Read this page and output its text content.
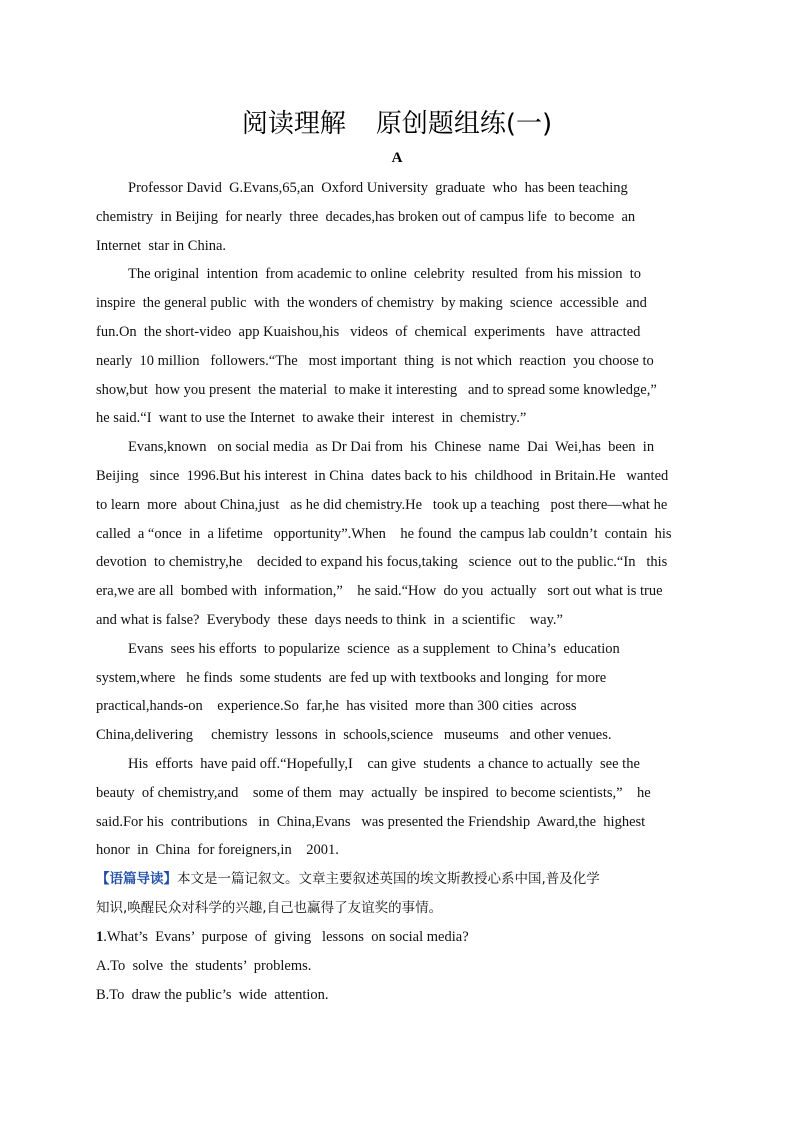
阅读理解 原创题组练(一)
A
Professor David  G.Evans,65,an  Oxford University  graduate  who  has been teaching
chemistry  in Beijing  for nearly  three  decades,has broken out of campus life  to become  an
Internet  star in China.
The original  intention  from academic to online  celebrity  resulted  from his mission  to
inspire  the general public  with  the wonders of chemistry  by making  science  accessible  and
fun.On  the short-video  app Kuaishou,his   videos  of  chemical  experiments   have  attracted
nearly  10 million   followers.“The   most important  thing  is not which  reaction  you choose to
show,but  how you present  the material  to make it interesting   and to spread some knowledge,”
he said.“I  want to use the Internet  to awake their  interest  in  chemistry.”
Evans,known   on social media  as Dr Dai from  his  Chinese  name  Dai  Wei,has  been  in
Beijing   since  1996.But his interest  in China  dates back to his  childhood  in Britain.He   wanted
to learn  more  about China,just   as he did chemistry.He   took up a teaching   post there—what he
called  a “once  in  a lifetime   opportunity”.When    he found  the campus lab couldn’t  contain  his
devotion  to chemistry,he    decided to expand his focus,taking   science  out to the public.“In   this
era,we are all  bombed with  information,”    he said.“How  do you  actually   sort out what is true
and what is false?  Everybody  these  days needs to think  in  a scientific    way.”
Evans  sees his efforts  to popularize  science  as a supplement  to China’s  education
system,where   he finds  some students  are fed up with textbooks and longing  for more
practical,hands-on    experience.So  far,he  has visited  more than 300 cities  across
China,delivering     chemistry  lessons  in  schools,science   museums   and other venues.
His  efforts  have paid off.“Hopefully,I    can give  students  a chance to actually  see the
beauty  of chemistry,and    some of them  may  actually  be inspired  to become scientists,”    he
said.For his  contributions   in  China,Evans   was presented the Friendship  Award,the  highest
honor  in  China  for foreigners,in    2001.
【语篇导读】本文是一篇记叙文。文章主要叙述英国的埃文斯教授心系中国,普及化学
知识,唤醒民众对科学的兴趣,自己也赢得了友谊奖的事情。
1.What’s  Evans’  purpose  of  giving   lessons  on social media?
A.To  solve  the  students’  problems.
B.To  draw the public’s  wide  attention.
